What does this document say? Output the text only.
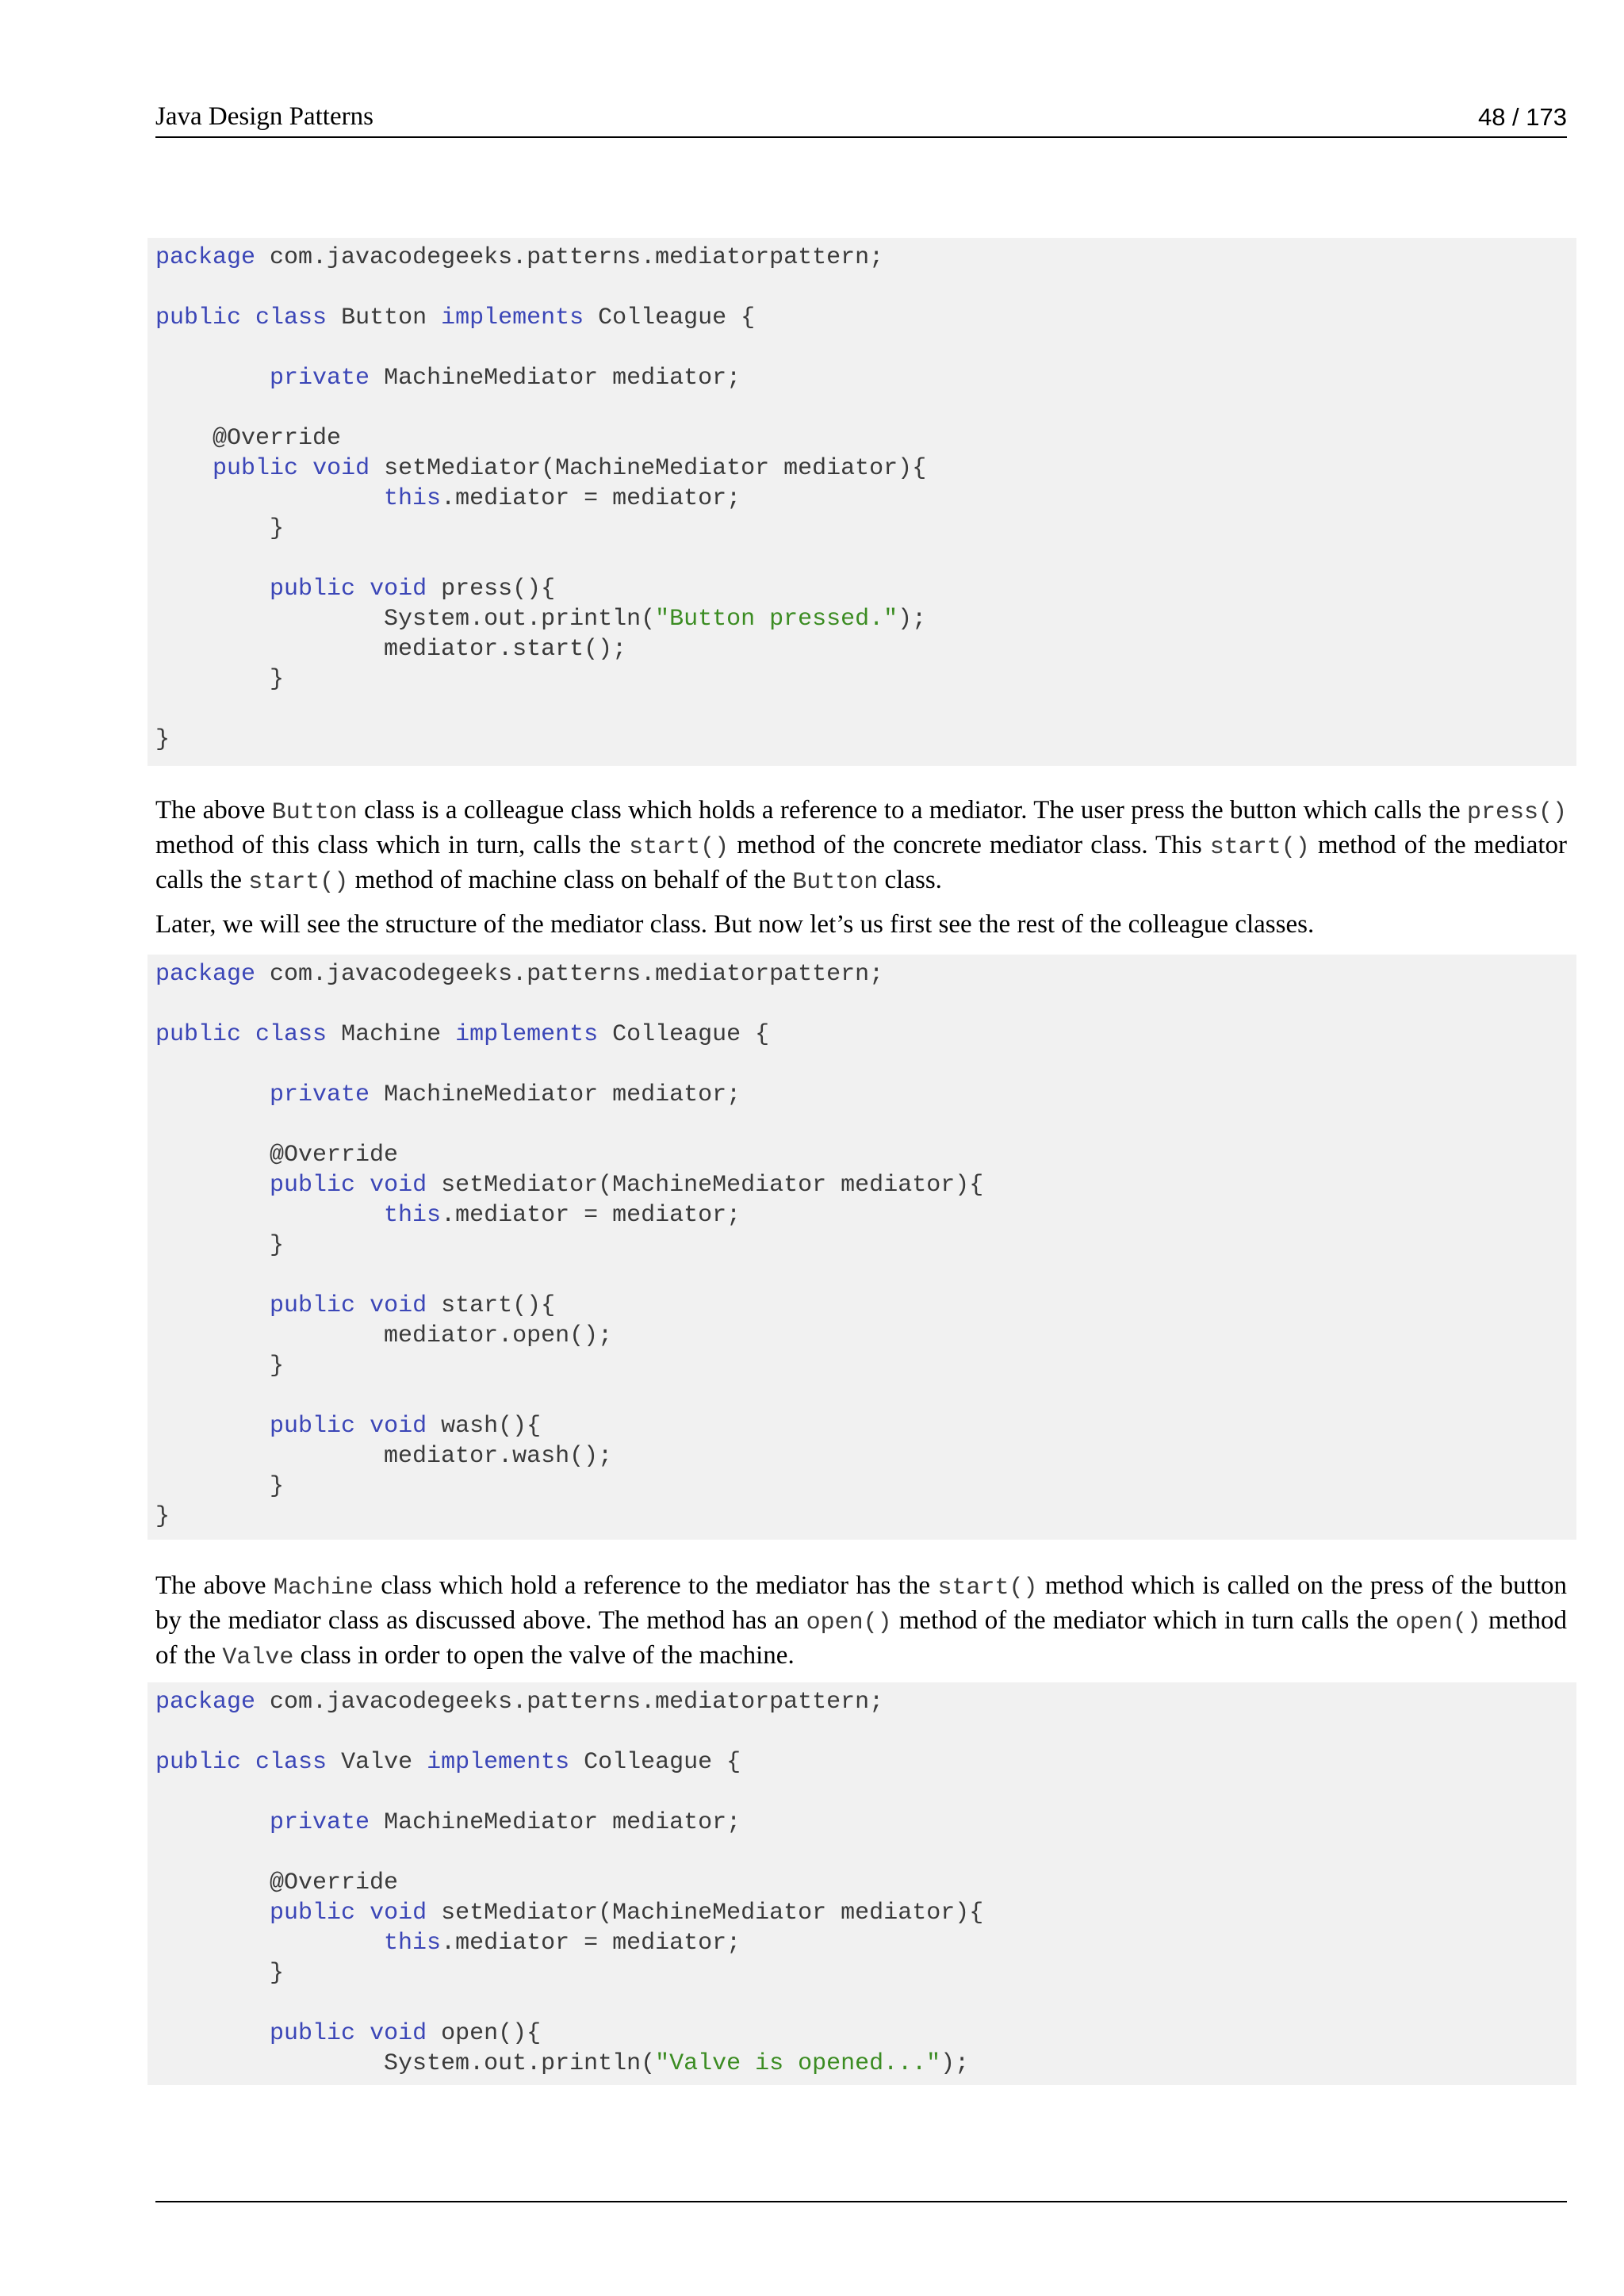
Java Design Patterns	48 / 173
package com.javacodegeeks.patterns.mediatorpattern;
public class Button implements Colleague {
private MachineMediator mediator;
@Override
public void setMediator(MachineMediator mediator){
this.mediator = mediator;
}
public void press(){
System.out.println("Button pressed.");
mediator.start();
}
}

The above Button class is a colleague class which holds a reference to a mediator. The user press the button which calls the press() method of this class which in turn, calls the start() method of the concrete mediator class. This start() method of the mediator calls the start() method of machine class on behalf of the Button class.

Later, we will see the structure of the mediator class. But now let’s us first see the rest of the colleague classes.

package com.javacodegeeks.patterns.mediatorpattern;
public class Machine implements Colleague {
private MachineMediator mediator;
@Override
public void setMediator(MachineMediator mediator){
this.mediator = mediator;
}
public void start(){
mediator.open();
}
public void wash(){
mediator.wash();
}
}

The above Machine class which hold a reference to the mediator has the start() method which is called on the press of the button by the mediator class as discussed above. The method has an open() method of the mediator which in turn calls the open() method of the Valve class in order to open the valve of the machine.

package com.javacodegeeks.patterns.mediatorpattern;
public class Valve implements Colleague {
private MachineMediator mediator;
@Override
public void setMediator(MachineMediator mediator){
this.mediator = mediator;
}
public void open(){
System.out.println("Valve is opened...");
